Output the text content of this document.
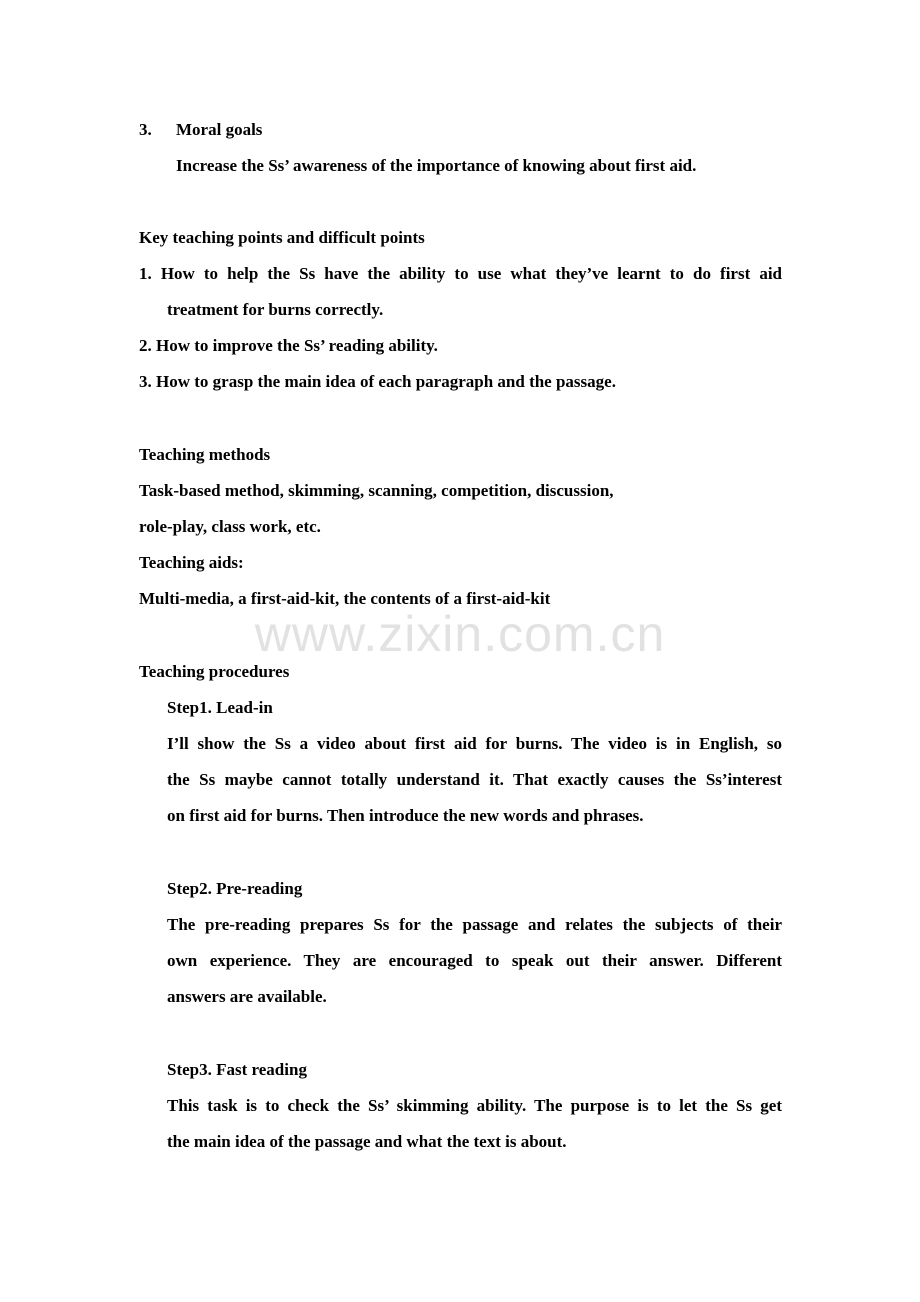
www.zixin.com.cn
3. Moral goals
Increase the Ss’ awareness of the importance of knowing about first aid.
Key teaching points and difficult points
1. How to help the Ss have the ability to use what they’ve learnt to do first aid
treatment for burns correctly.
2. How to improve the Ss’ reading ability.
3. How to grasp the main idea of each paragraph and the passage.
Teaching methods
Task-based method, skimming, scanning, competition, discussion,
role-play, class work, etc.
Teaching aids:
Multi-media, a first-aid-kit, the contents of a first-aid-kit
Teaching procedures
Step1. Lead-in
I’ll show the Ss a video about first aid for burns. The video is in English, so
the Ss maybe cannot totally understand it. That exactly causes the Ss’interest
on first aid for burns. Then introduce the new words and phrases.
Step2. Pre-reading
The pre-reading prepares Ss for the passage and relates the subjects of their
own experience. They are encouraged to speak out their answer. Different
answers are available.
Step3. Fast reading
This task is to check the Ss’ skimming ability. The purpose is to let the Ss get
the main idea of the passage and what the text is about.
